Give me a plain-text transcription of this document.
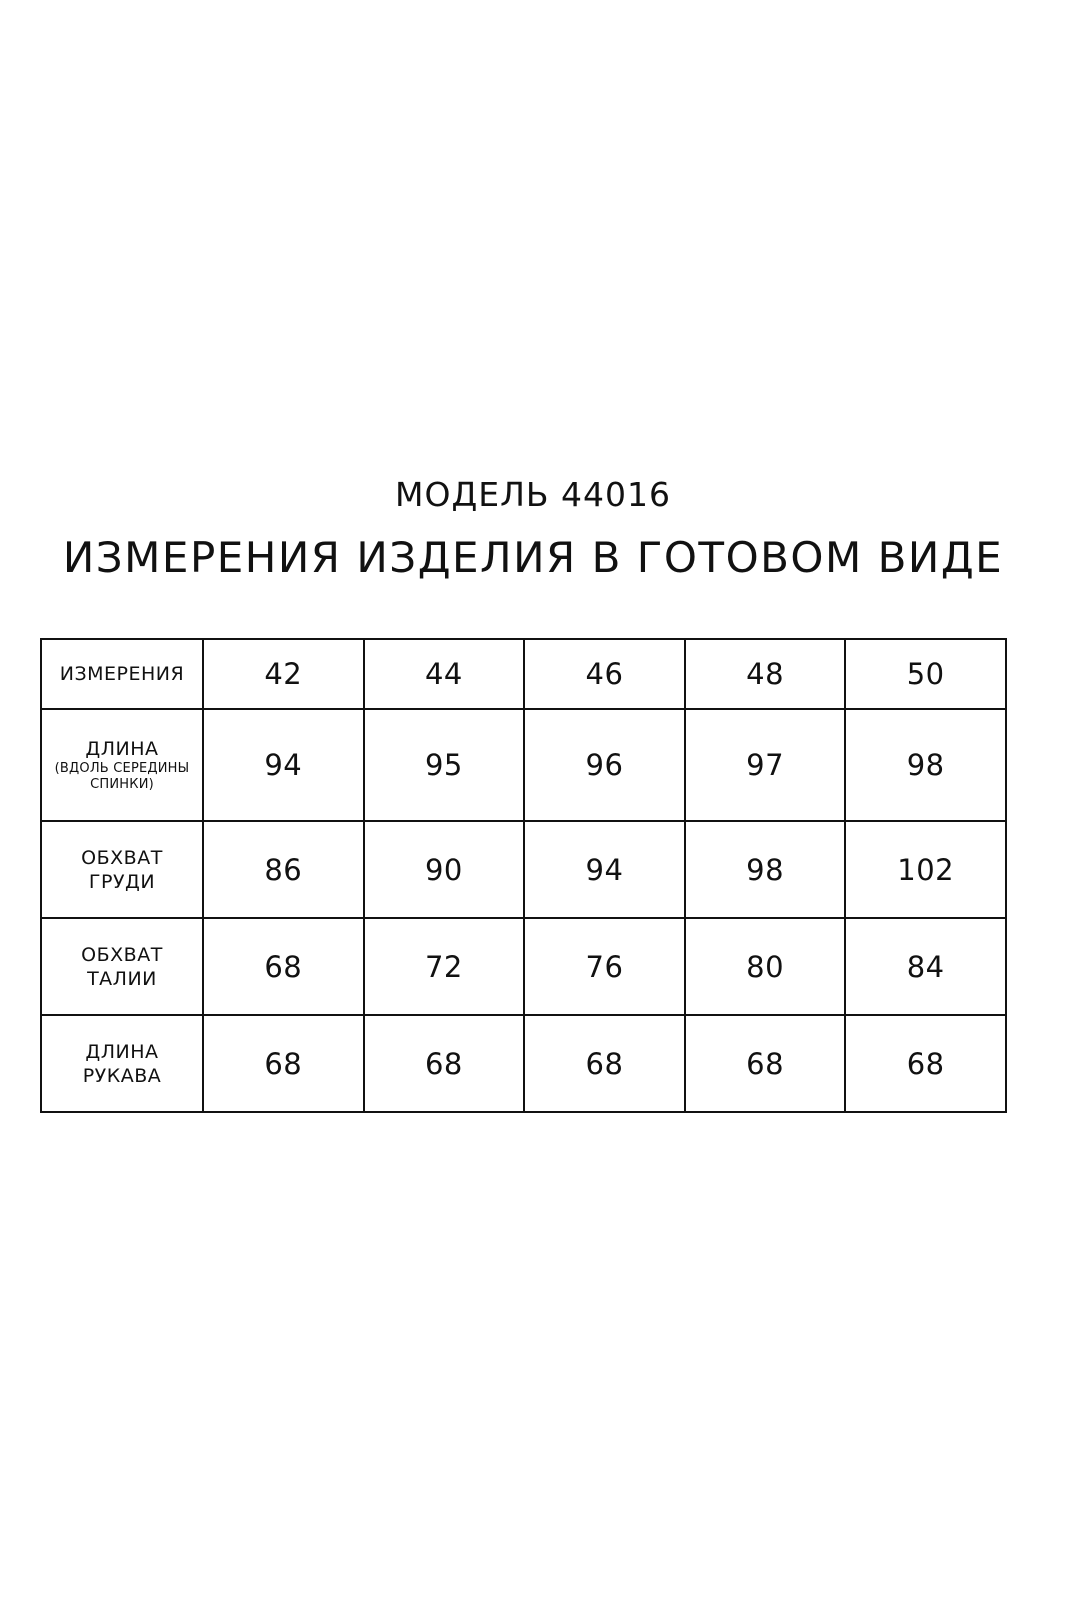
МОДЕЛЬ 44016
ИЗМЕРЕНИЯ ИЗДЕЛИЯ В ГОТОВОМ ВИДЕ
ИЗМЕРЕНИЯ	42	44	46	48	50

ДЛИНА
(ВДОЛЬ СЕРЕДИНЫ СПИНКИ)	94	95	96	97	98

ОБХВАТ
ГРУДИ	86	90	94	98	102

ОБХВАТ
ТАЛИИ	68	72	76	80	84

ДЛИНА
РУКАВА	68	68	68	68	68
